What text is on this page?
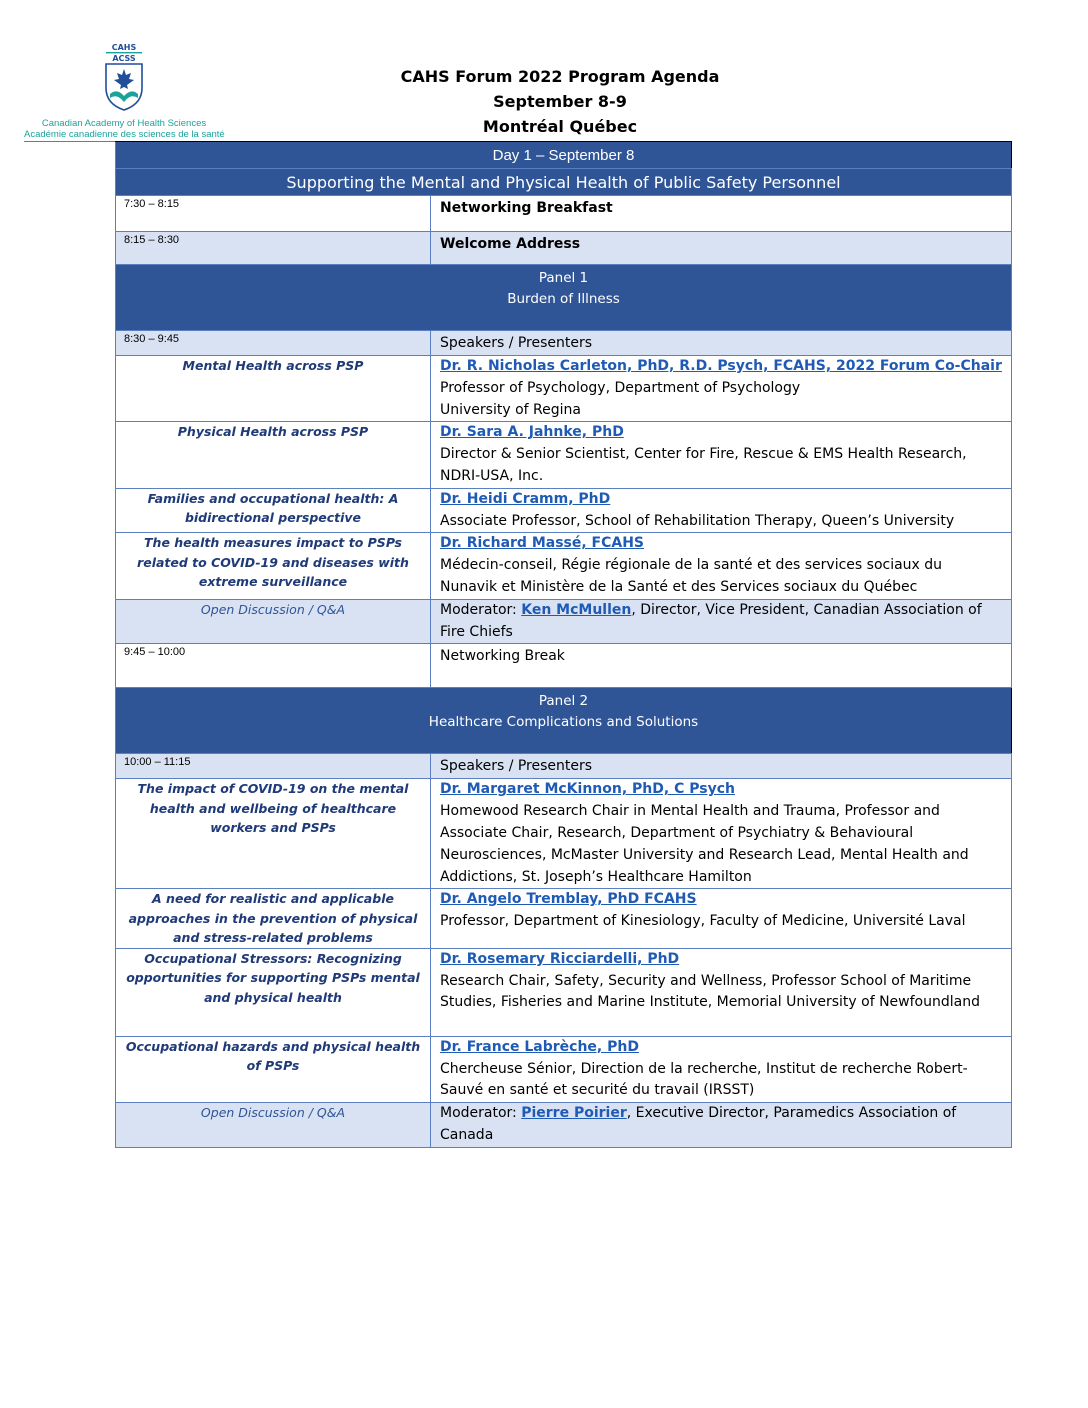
CAHS
ACSS
Canadian Academy of Health Sciences
Académie canadienne des sciences de la santé
CAHS Forum 2022 Program Agenda
September 8-9
Montréal Québec
Day 1 – September 8	
Supporting the Mental and Physical Health of Public Safety Personnel	
7:30 – 8:15	Networking Breakfast
8:15 – 8:30	Welcome Address

Panel 1
Burden of Illness	

8:30 – 9:45	Speakers / Presenters
Mental Health across PSP	Dr. R. Nicholas Carleton, PhD, R.D. Psych, FCAHS, 2022 Forum Co-Chair
Professor of Psychology, Department of Psychology
University of Regina
Physical Health across PSP	Dr. Sara A. Jahnke, PhD
Director & Senior Scientist, Center for Fire, Rescue & EMS Health Research, NDRI-USA, Inc.
Families and occupational health: A bidirectional perspective	Dr. Heidi Cramm, PhD
Associate Professor, School of Rehabilitation Therapy, Queen’s University
The health measures impact to PSPs related to COVID-19 and diseases with extreme surveillance	Dr. Richard Massé, FCAHS
Médecin-conseil, Régie régionale de la santé et des services sociaux du Nunavik et Ministère de la Santé et des Services sociaux du Québec
Open Discussion / Q&A	Moderator: Ken McMullen, Director, Vice President, Canadian Association of Fire Chiefs
9:45 – 10:00	Networking Break

Panel 2
Healthcare Complications and Solutions	

10:00 – 11:15	Speakers / Presenters
The impact of COVID-19 on the mental health and wellbeing of healthcare workers and PSPs	Dr. Margaret McKinnon, PhD, C Psych
Homewood Research Chair in Mental Health and Trauma, Professor and Associate Chair, Research, Department of Psychiatry & Behavioural Neurosciences, McMaster University and Research Lead, Mental Health and Addictions, St. Joseph’s Healthcare Hamilton
A need for realistic and applicable approaches in the prevention of physical and stress-related problems	Dr. Angelo Tremblay, PhD FCAHS
Professor, Department of Kinesiology, Faculty of Medicine, Université Laval
Occupational Stressors: Recognizing opportunities for supporting PSPs mental and physical health	Dr. Rosemary Ricciardelli, PhD
Research Chair, Safety, Security and Wellness, Professor School of Maritime Studies, Fisheries and Marine Institute, Memorial University of Newfoundland
Occupational hazards and physical health of PSPs	Dr. France Labrèche, PhD
Chercheuse Sénior, Direction de la recherche, Institut de recherche Robert-Sauvé en santé et securité du travail (IRSST)
Open Discussion / Q&A	Moderator: Pierre Poirier, Executive Director, Paramedics Association of Canada
